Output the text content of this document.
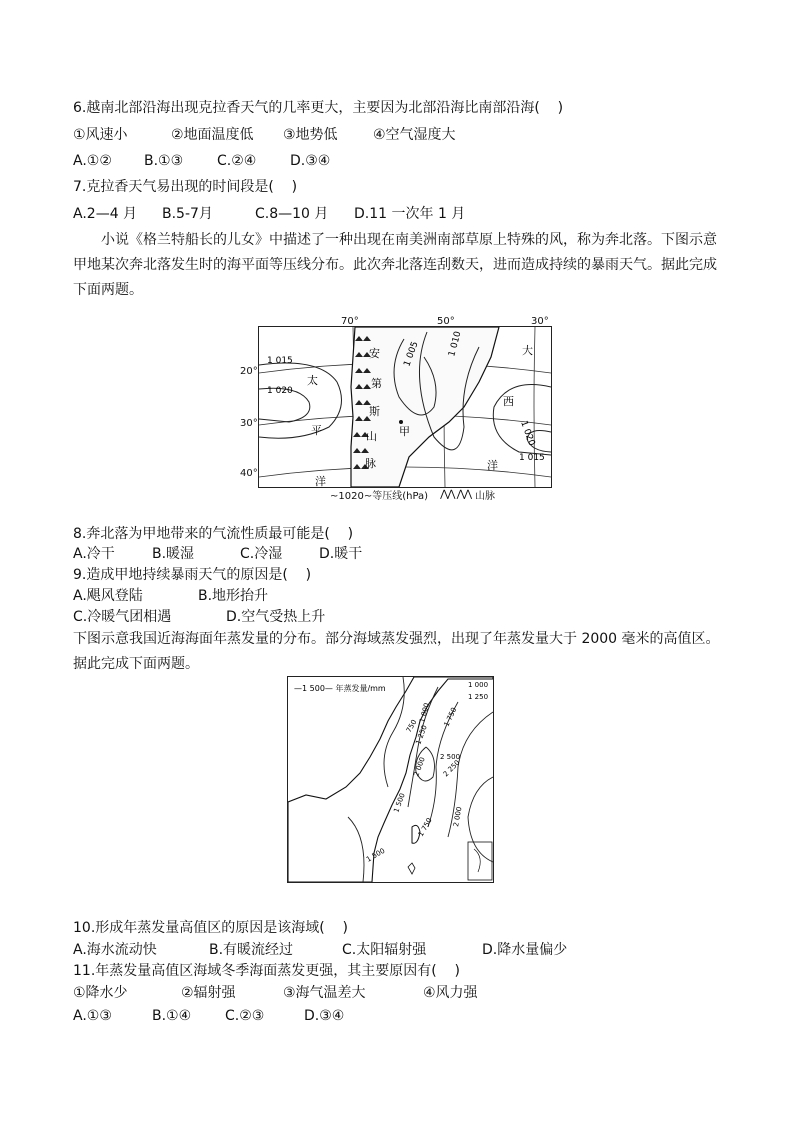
6.越南北部沿海出现克拉香天气的几率更大，主要因为北部沿海比南部沿海(    )
①风速小	②地面温度低	③地势低	④空气湿度大
A.①②	B.①③	C.②④	D.③④
7.克拉香天气易出现的时间段是(    )
A.2—4 月	B.5-7月	C.8—10 月	D.11 一次年 1 月
小说《格兰特船长的儿女》中描述了一种出现在南美洲南部草原上特殊的风，称为奔北落。下图示意甲地某次奔北落发生时的海平面等压线分布。此次奔北落连刮数天，进而造成持续的暴雨天气。据此完成下面两题。
1 015
1 020
1 005	1 010
1 020
1 015
太
平
洋
安
第
斯
山
脉
大
西
洋
甲
70°	50°	30°
20°
30°
40°
~1020~等压线(hPa) ⋀⋀ ⋀⋀ 山脉
8.奔北落为甲地带来的气流性质最可能是(    )
A.冷干	B.暖湿	C.冷湿	D.暖干
9.造成甲地持续暴雨天气的原因是(    )
A.飓风登陆	B.地形抬升
C.冷暖气团相遇	D.空气受热上升
下图示意我国近海海面年蒸发量的分布。部分海域蒸发强烈，出现了年蒸发量大于 2000 毫米的高值区。据此完成下面两题。
—1 500— 年蒸发量/mm	1 000
1 250
750
1 000 1 750
1 250
2 500
2 250
2 000
1 750
1 500
2 000
1 500
10.形成年蒸发量高值区的原因是该海域(    )
A.海水流动快	B.有暖流经过	C.太阳辐射强	D.降水量偏少
11.年蒸发量高值区海域冬季海面蒸发更强，其主要原因有(    )
①降水少	②辐射强	③海气温差大	④风力强
A.①③	B.①④	C.②③	D.③④
